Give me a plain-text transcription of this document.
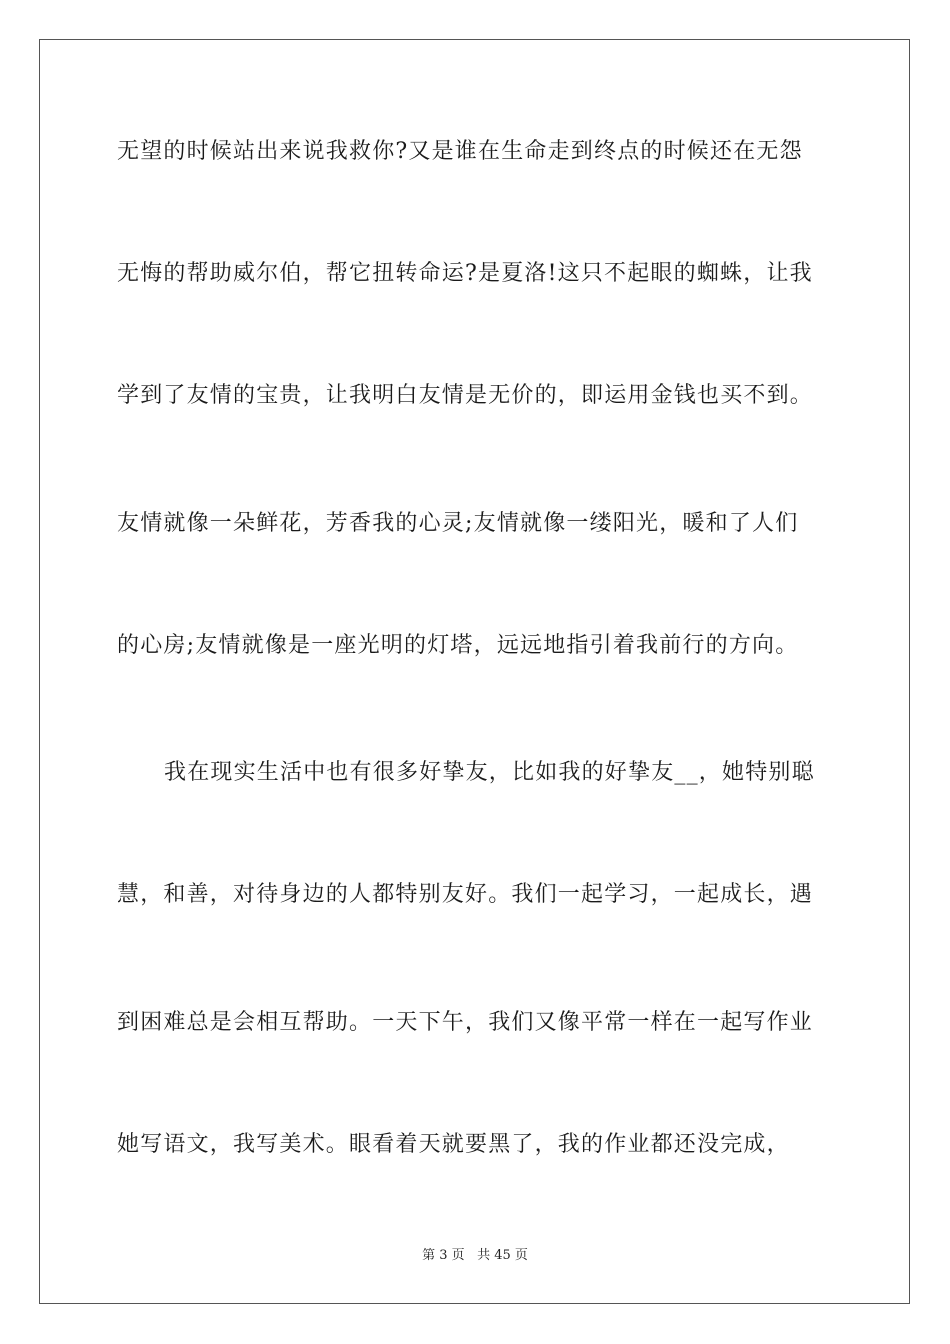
无望的时候站出来说我救你?又是谁在生命走到终点的时候还在无怨
无悔的帮助威尔伯，帮它扭转命运?是夏洛!这只不起眼的蜘蛛，让我
学到了友情的宝贵，让我明白友情是无价的，即运用金钱也买不到。
友情就像一朵鲜花，芳香我的心灵;友情就像一缕阳光，暖和了人们
的心房;友情就像是一座光明的灯塔，远远地指引着我前行的方向。
我在现实生活中也有很多好挚友，比如我的好挚友__，她特别聪
慧，和善，对待身边的人都特别友好。我们一起学习，一起成长，遇
到困难总是会相互帮助。一天下午，我们又像平常一样在一起写作业
她写语文，我写美术。眼看着天就要黑了，我的作业都还没完成，
第 3 页 共 45 页
